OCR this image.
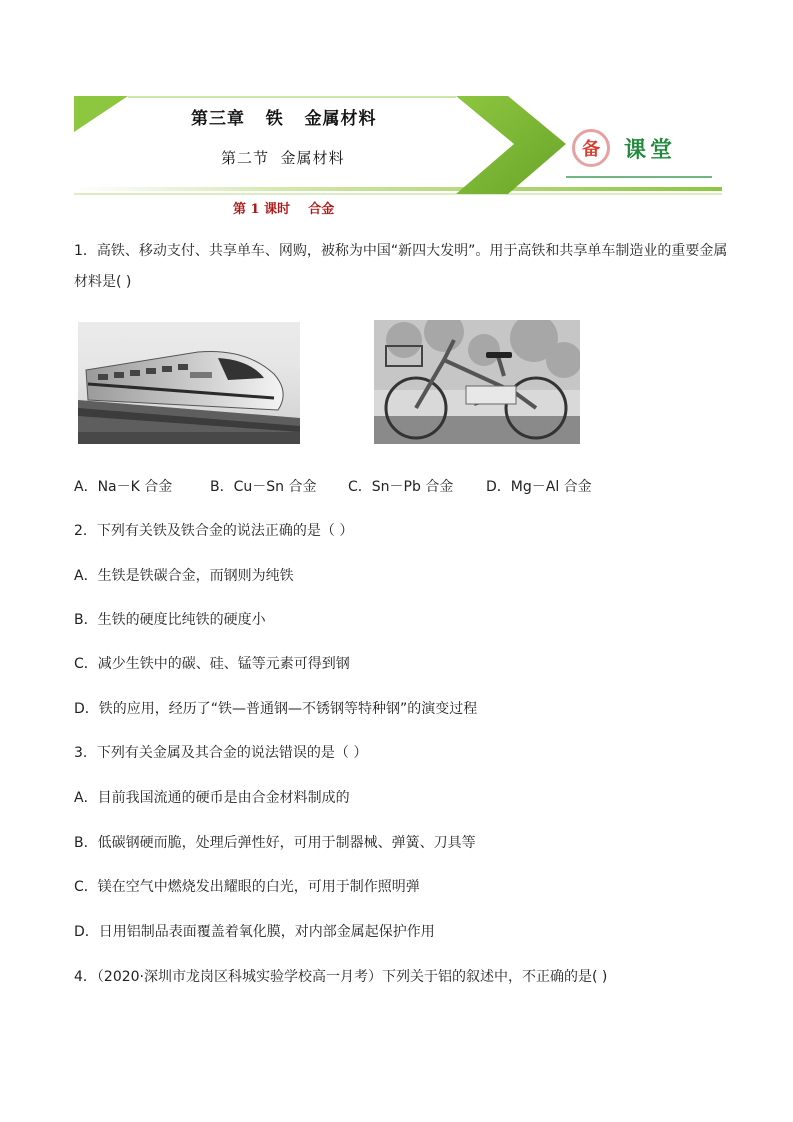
第三章   铁   金属材料
第二节  金属材料
第 1 课时    合金
备	课堂
1．高铁、移动支付、共享单车、网购，被称为中国“新四大发明”。用于高铁和共享单车制造业的重要金属
材料是( )
A．Na－K 合金	B．Cu－Sn 合金 C．Sn－Pb 合金 D．Mg－Al 合金
2．下列有关铁及铁合金的说法正确的是（ ）
A．生铁是铁碳合金，而钢则为纯铁
B．生铁的硬度比纯铁的硬度小
C．减少生铁中的碳、硅、锰等元素可得到钢
D．铁的应用，经历了“铁—普通钢—不锈钢等特种钢”的演变过程
3．下列有关金属及其合金的说法错误的是（ ）
A．目前我国流通的硬币是由合金材料制成的
B．低碳钢硬而脆，处理后弹性好，可用于制器械、弹簧、刀具等
C．镁在空气中燃烧发出耀眼的白光，可用于制作照明弹
D．日用铝制品表面覆盖着氧化膜，对内部金属起保护作用
4．（2020·深圳市龙岗区科城实验学校高一月考）下列关于铝的叙述中，不正确的是( )
